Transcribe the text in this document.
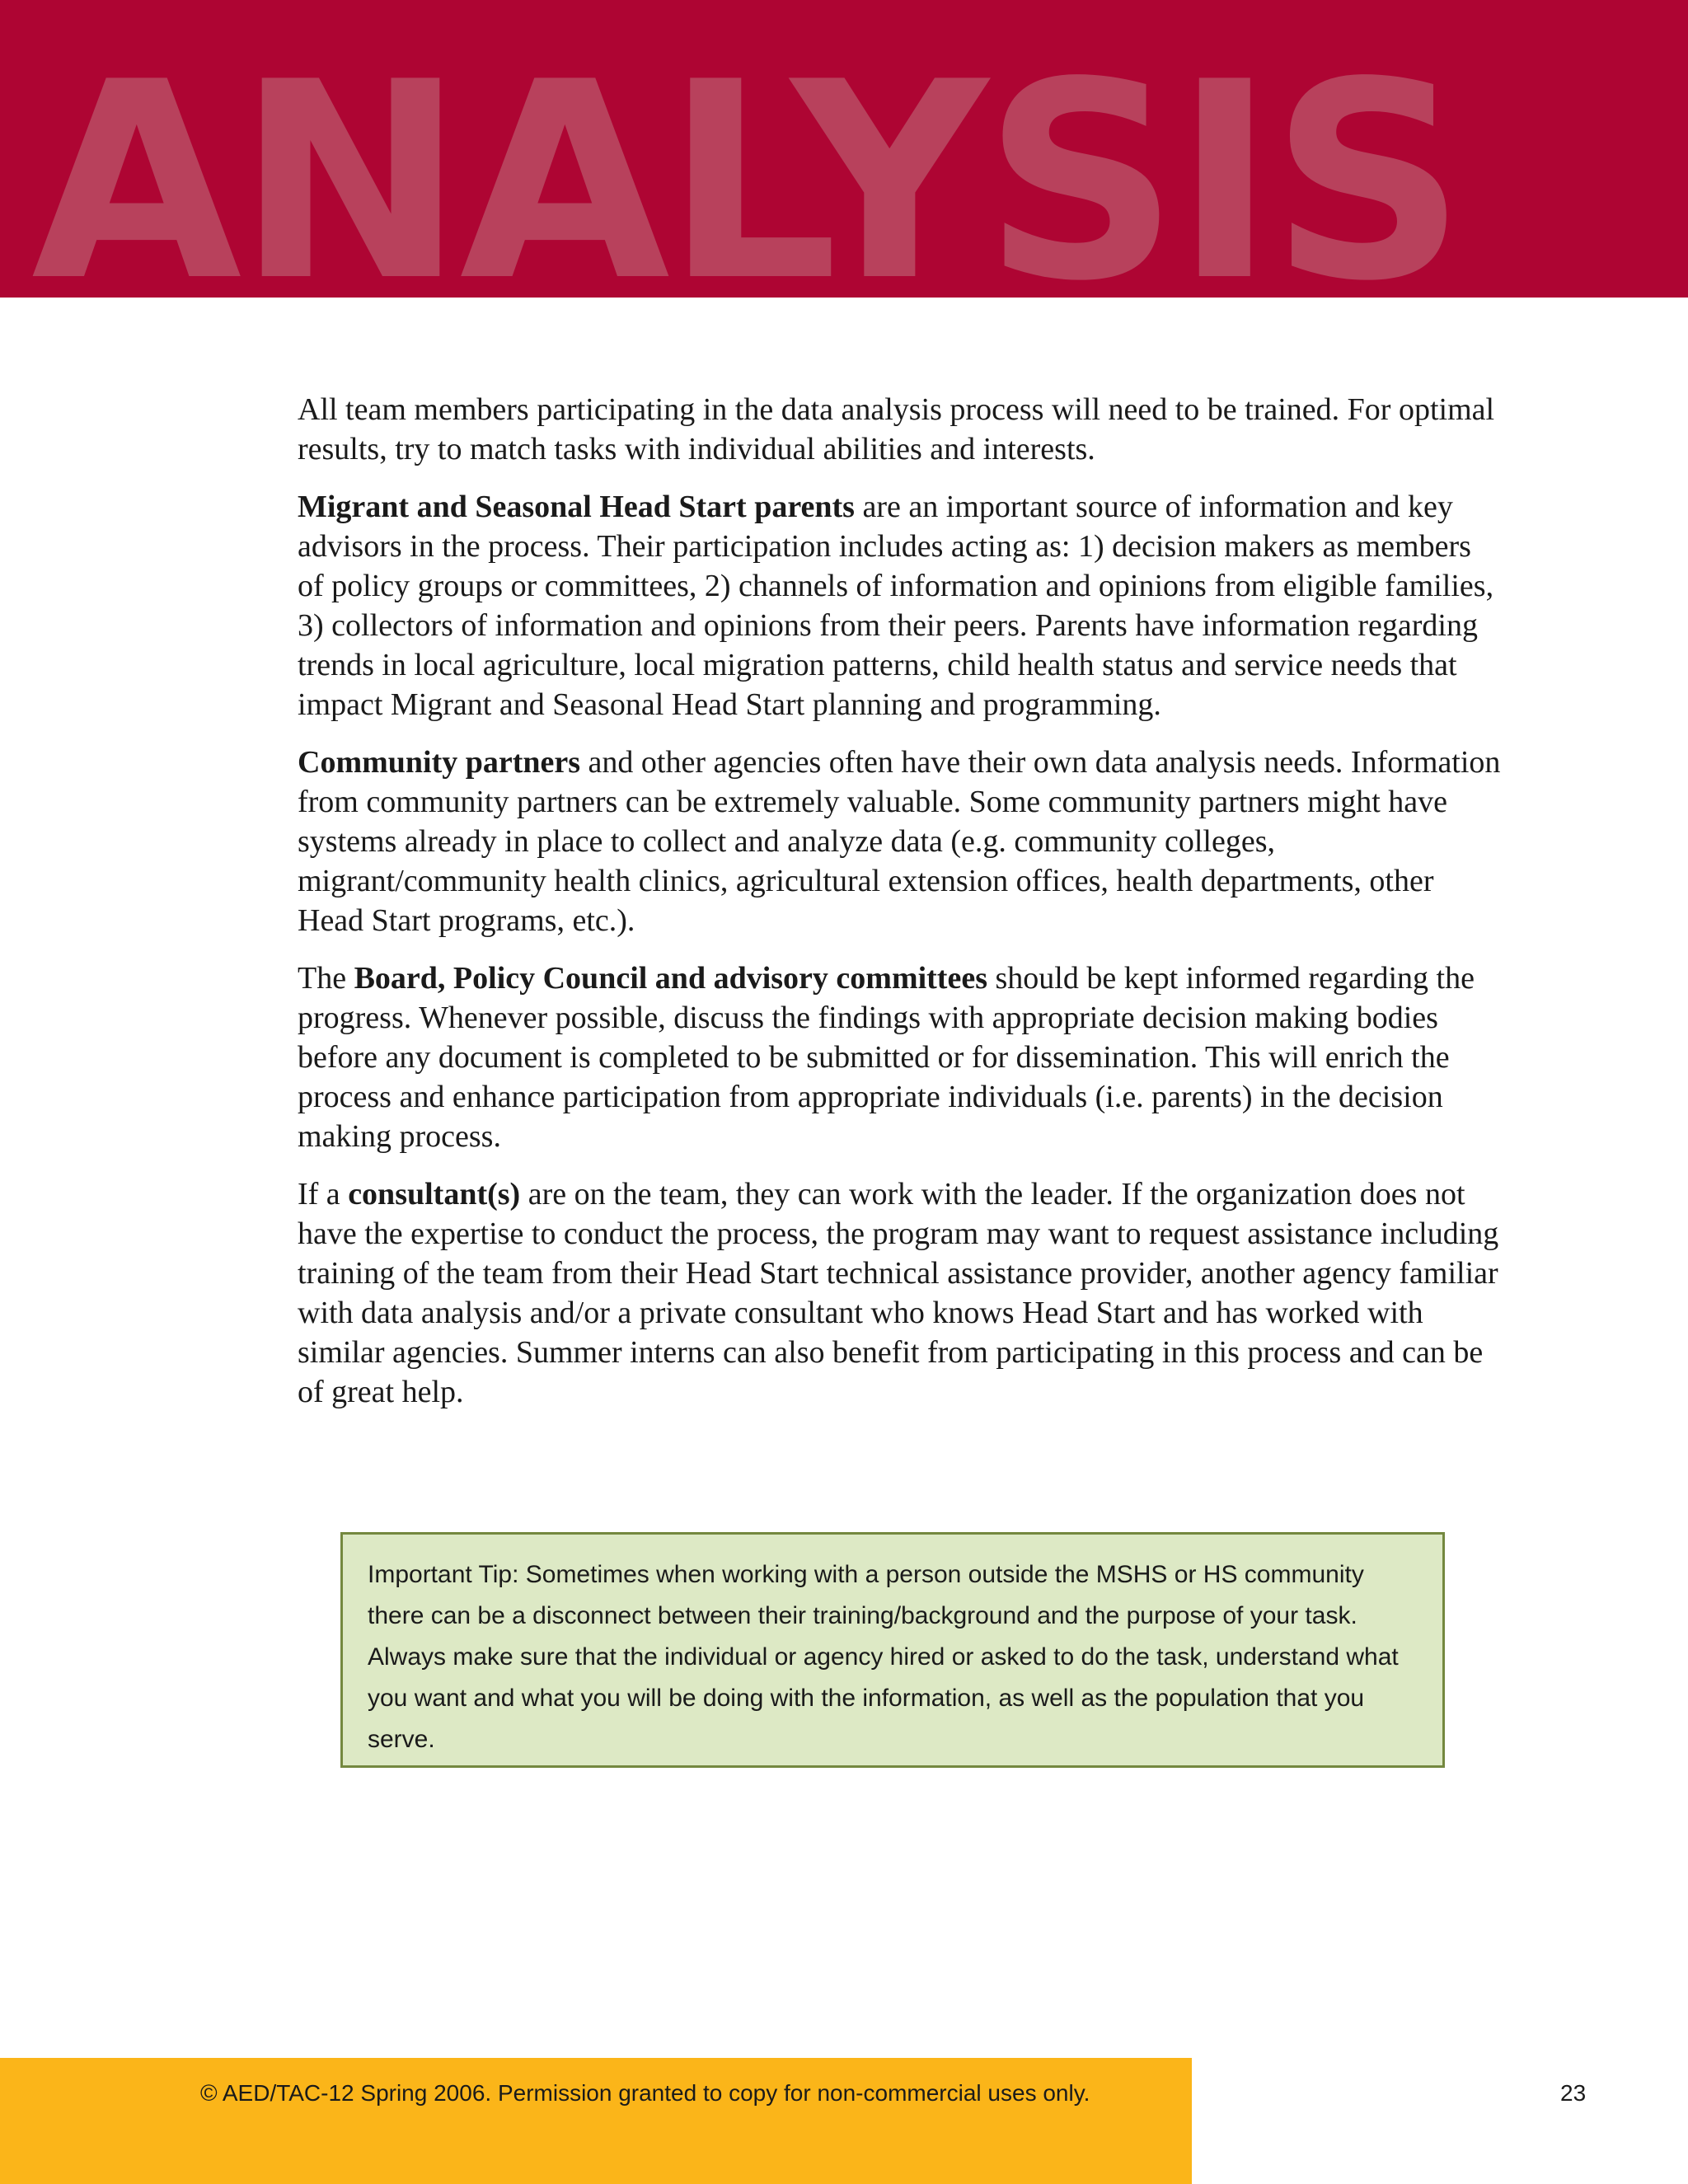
ANALYSIS

All team members participating in the data analysis process will need to be trained. For optimal results, try to match tasks with individual abilities and interests.

Migrant and Seasonal Head Start parents are an important source of information and key advisors in the process. Their participation includes acting as: 1) decision makers as members of policy groups or committees, 2) channels of information and opinions from eligible families, 3) collectors of information and opinions from their peers. Parents have information regarding trends in local agriculture, local migration patterns, child health status and service needs that impact Migrant and Seasonal Head Start planning and programming.

Community partners and other agencies often have their own data analysis needs. Information from community partners can be extremely valuable. Some community partners might have systems already in place to collect and analyze data (e.g. community colleges, migrant/community health clinics, agricultural extension offices, health departments, other Head Start programs, etc.).

The Board, Policy Council and advisory committees should be kept informed regarding the progress. Whenever possible, discuss the findings with appropriate decision making bodies before any document is completed to be submitted or for dissemination. This will enrich the process and enhance participation from appropriate individuals (i.e. parents) in the decision making process.

If a consultant(s) are on the team, they can work with the leader. If the organization does not have the expertise to conduct the process, the program may want to request assistance including training of the team from their Head Start technical assistance provider, another agency familiar with data analysis and/or a private consultant who knows Head Start and has worked with similar agencies. Summer interns can also benefit from participating in this process and can be of great help.

Important Tip: Sometimes when working with a person outside the MSHS or HS community there can be a disconnect between their training/background and the purpose of your task. Always make sure that the individual or agency hired or asked to do the task, understand what you want and what you will be doing with the information, as well as the population that you serve.
© AED/TAC-12 Spring 2006. Permission granted to copy for non-commercial uses only.	23
